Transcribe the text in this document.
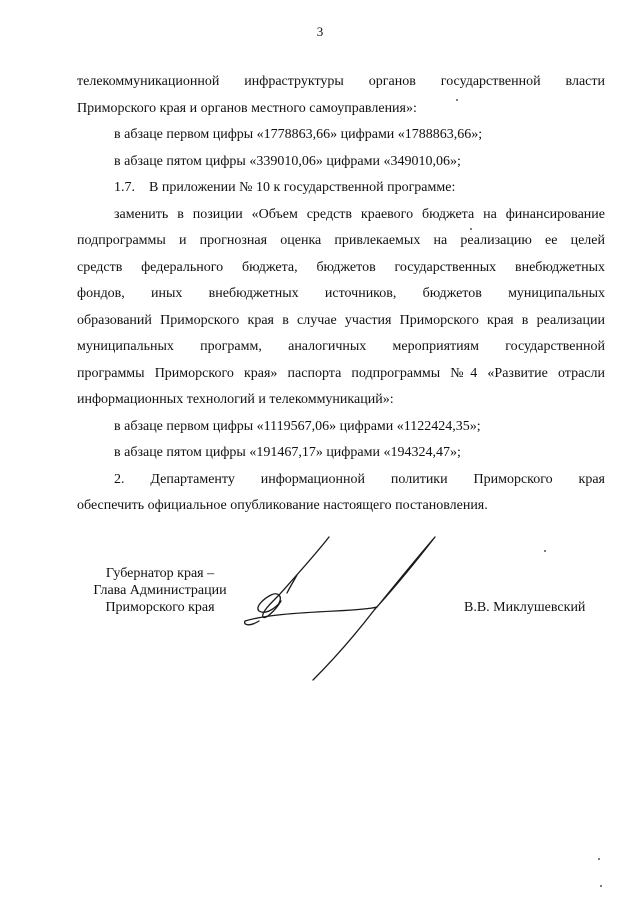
3

телекоммуникационной инфраструктуры органов государственной власти

Приморского края и органов местного самоуправления»:

в абзаце первом цифры «1778863,66» цифрами «1788863,66»;

в абзаце пятом цифры «339010,06» цифрами «349010,06»;

1.7.    В приложении № 10 к государственной программе:

заменить в позиции «Объем средств краевого бюджета на финансирование

подпрограммы и прогнозная оценка привлекаемых на реализацию ее целей

средств федерального бюджета, бюджетов государственных внебюджетных

фондов, иных внебюджетных источников, бюджетов муниципальных

образований Приморского края в случае участия Приморского края в реализации

муниципальных программ, аналогичных мероприятиям государственной

программы Приморского края» паспорта подпрограммы №4 «Развитие отрасли

информационных технологий и телекоммуникаций»:

в абзаце первом цифры «1119567,06» цифрами «1122424,35»;

в абзаце пятом цифры «191467,17» цифрами «194324,47»;

2. Департаменту информационной политики Приморского края

обеспечить официальное опубликование настоящего постановления.

Губернатор края –
Глава Администрации
Приморского края	В.В. Миклушевский
